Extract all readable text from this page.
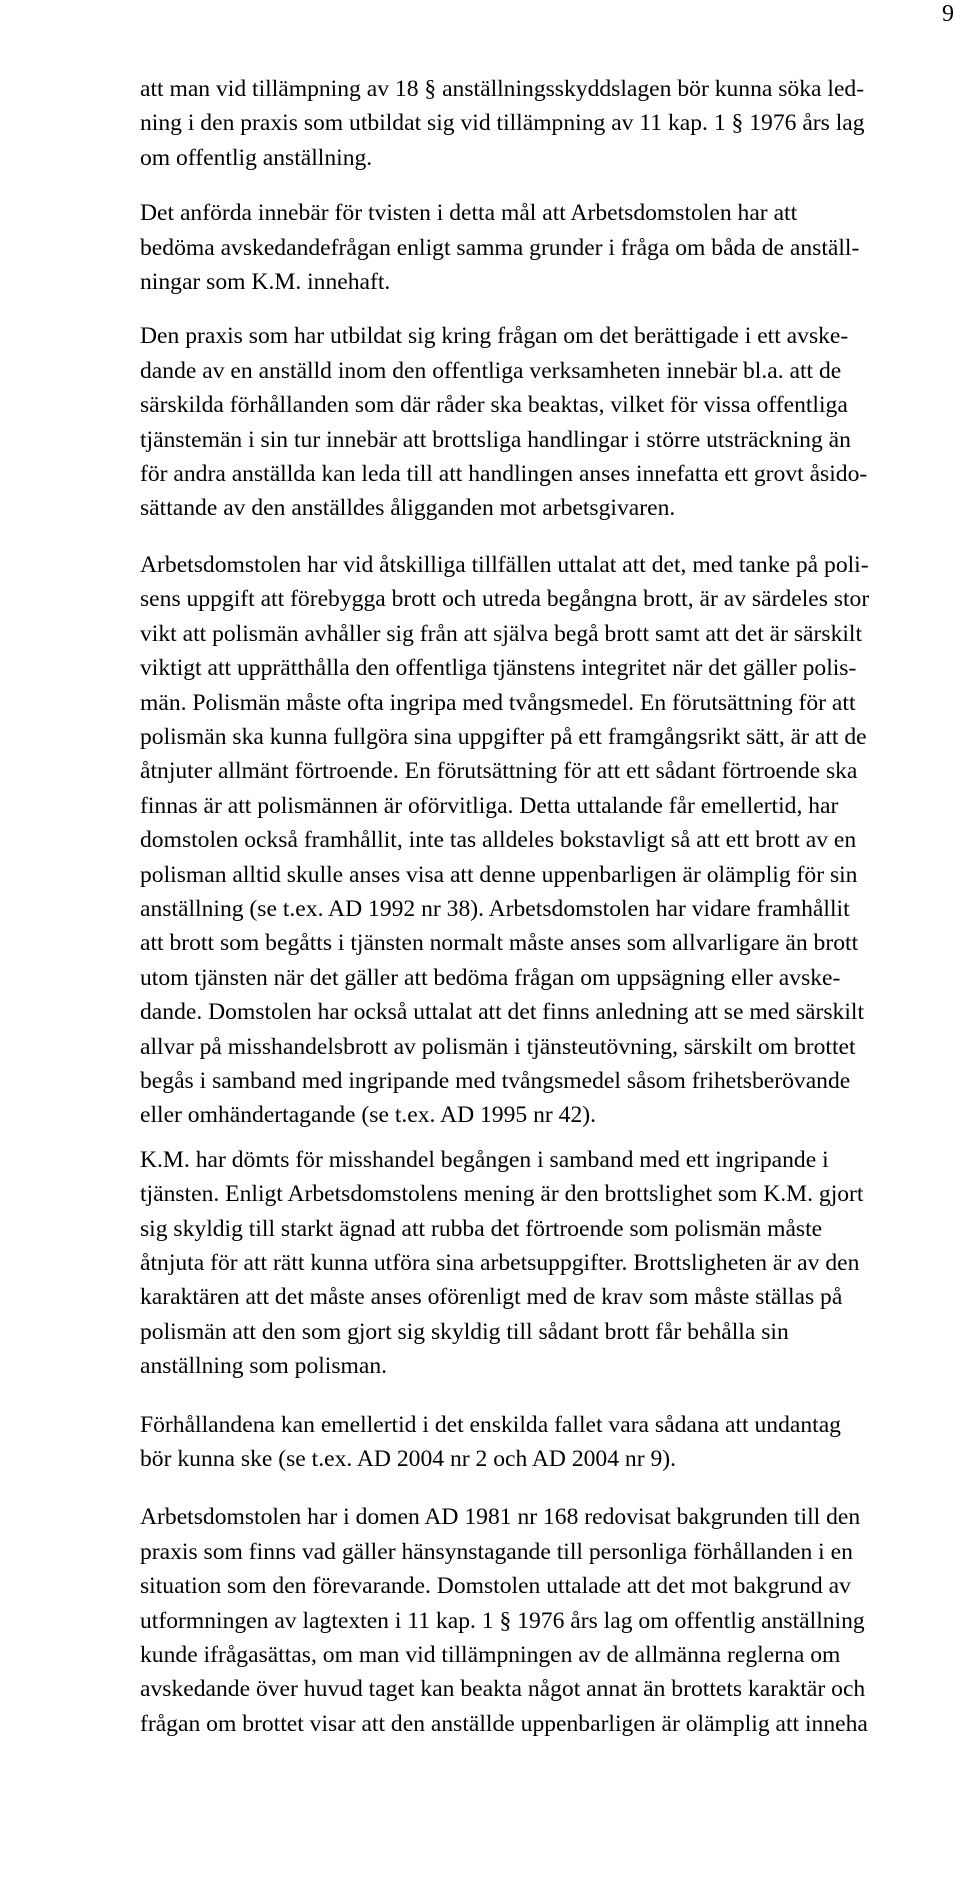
9

att man vid tillämpning av 18 § anställningsskyddslagen bör kunna söka led-
ning i den praxis som utbildat sig vid tillämpning av 11 kap. 1 § 1976 års lag
om offentlig anställning.

Det anförda innebär för tvisten i detta mål att Arbetsdomstolen har att
bedöma avskedandefrågan enligt samma grunder i fråga om båda de anställ-
ningar som K.M. innehaft.

Den praxis som har utbildat sig kring frågan om det berättigade i ett avske-
dande av en anställd inom den offentliga verksamheten innebär bl.a. att de
särskilda förhållanden som där råder ska beaktas, vilket för vissa offentliga
tjänstemän i sin tur innebär att brottsliga handlingar i större utsträckning än
för andra anställda kan leda till att handlingen anses innefatta ett grovt åsido-
sättande av den anställdes åligganden mot arbetsgivaren.

Arbetsdomstolen har vid åtskilliga tillfällen uttalat att det, med tanke på poli-
sens uppgift att förebygga brott och utreda begångna brott, är av särdeles stor
vikt att polismän avhåller sig från att själva begå brott samt att det är särskilt
viktigt att upprätthålla den offentliga tjänstens integritet när det gäller polis-
män. Polismän måste ofta ingripa med tvångsmedel. En förutsättning för att
polismän ska kunna fullgöra sina uppgifter på ett framgångsrikt sätt, är att de
åtnjuter allmänt förtroende. En förutsättning för att ett sådant förtroende ska
finnas är att polismännen är oförvitliga. Detta uttalande får emellertid, har
domstolen också framhållit, inte tas alldeles bokstavligt så att ett brott av en
polisman alltid skulle anses visa att denne uppenbarligen är olämplig för sin
anställning (se t.ex. AD 1992 nr 38). Arbetsdomstolen har vidare framhållit
att brott som begåtts i tjänsten normalt måste anses som allvarligare än brott
utom tjänsten när det gäller att bedöma frågan om uppsägning eller avske-
dande. Domstolen har också uttalat att det finns anledning att se med särskilt
allvar på misshandelsbrott av polismän i tjänsteutövning, särskilt om brottet
begås i samband med ingripande med tvångsmedel såsom frihetsberövande
eller omhändertagande (se t.ex. AD 1995 nr 42).

K.M. har dömts för misshandel begången i samband med ett ingripande i
tjänsten. Enligt Arbetsdomstolens mening är den brottslighet som K.M. gjort
sig skyldig till starkt ägnad att rubba det förtroende som polismän måste
åtnjuta för att rätt kunna utföra sina arbetsuppgifter. Brottsligheten är av den
karaktären att det måste anses oförenligt med de krav som måste ställas på
polismän att den som gjort sig skyldig till sådant brott får behålla sin
anställning som polisman.

Förhållandena kan emellertid i det enskilda fallet vara sådana att undantag
bör kunna ske (se t.ex. AD 2004 nr 2 och AD 2004 nr 9).

Arbetsdomstolen har i domen AD 1981 nr 168 redovisat bakgrunden till den
praxis som finns vad gäller hänsynstagande till personliga förhållanden i en
situation som den förevarande. Domstolen uttalade att det mot bakgrund av
utformningen av lagtexten i 11 kap. 1 § 1976 års lag om offentlig anställning
kunde ifrågasättas, om man vid tillämpningen av de allmänna reglerna om
avskedande över huvud taget kan beakta något annat än brottets karaktär och
frågan om brottet visar att den anställde uppenbarligen är olämplig att inneha
